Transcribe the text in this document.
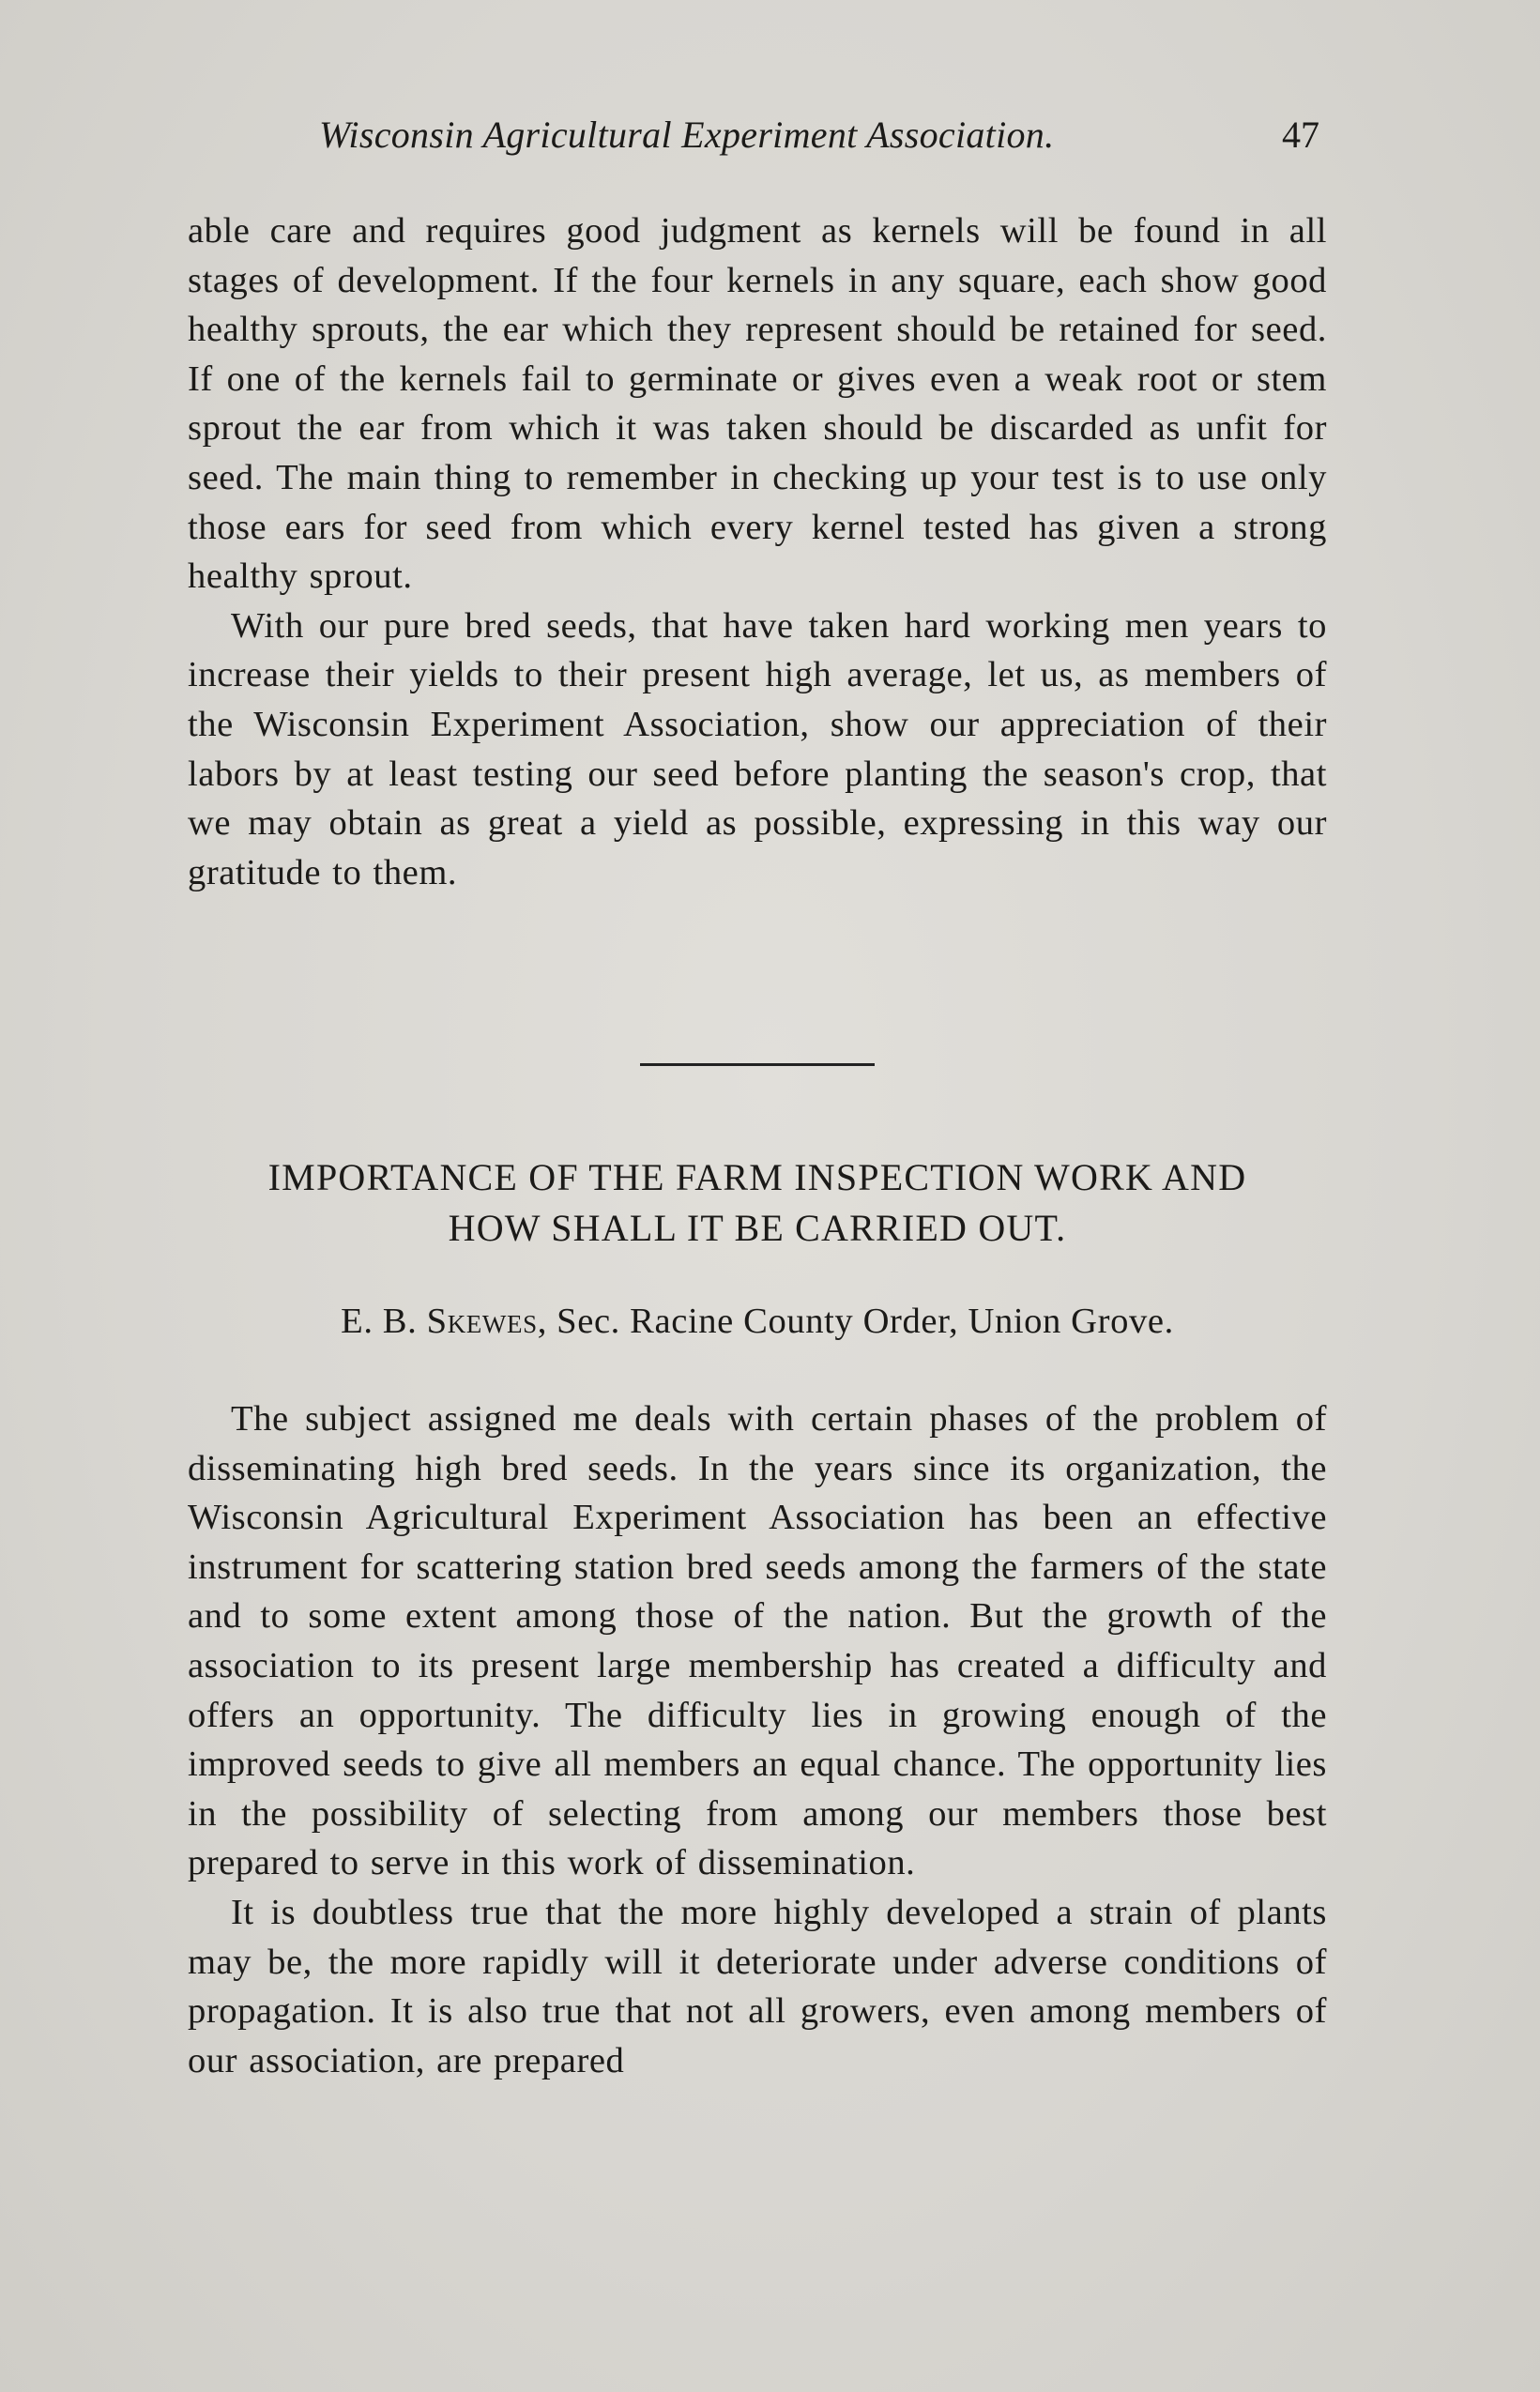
Wisconsin Agricultural Experiment Association.	47

able care and requires good judgment as kernels will be found in all stages of development. If the four kernels in any square, each show good healthy sprouts, the ear which they represent should be retained for seed. If one of the kernels fail to germinate or gives even a weak root or stem sprout the ear from which it was taken should be discarded as unfit for seed. The main thing to remember in checking up your test is to use only those ears for seed from which every kernel tested has given a strong healthy sprout.

With our pure bred seeds, that have taken hard working men years to increase their yields to their present high average, let us, as members of the Wisconsin Experiment Association, show our appreciation of their labors by at least testing our seed before planting the season's crop, that we may obtain as great a yield as possible, expressing in this way our gratitude to them.

IMPORTANCE OF THE FARM INSPECTION WORK AND
HOW SHALL IT BE CARRIED OUT.
E. B. Skewes, Sec. Racine County Order, Union Grove.

The subject assigned me deals with certain phases of the problem of disseminating high bred seeds. In the years since its organization, the Wisconsin Agricultural Experiment Association has been an effective instrument for scattering station bred seeds among the farmers of the state and to some extent among those of the nation. But the growth of the association to its present large membership has created a difficulty and offers an opportunity. The difficulty lies in growing enough of the improved seeds to give all members an equal chance. The opportunity lies in the possibility of selecting from among our members those best prepared to serve in this work of dissemination.

It is doubtless true that the more highly developed a strain of plants may be, the more rapidly will it deteriorate under adverse conditions of propagation. It is also true that not all growers, even among members of our association, are prepared
